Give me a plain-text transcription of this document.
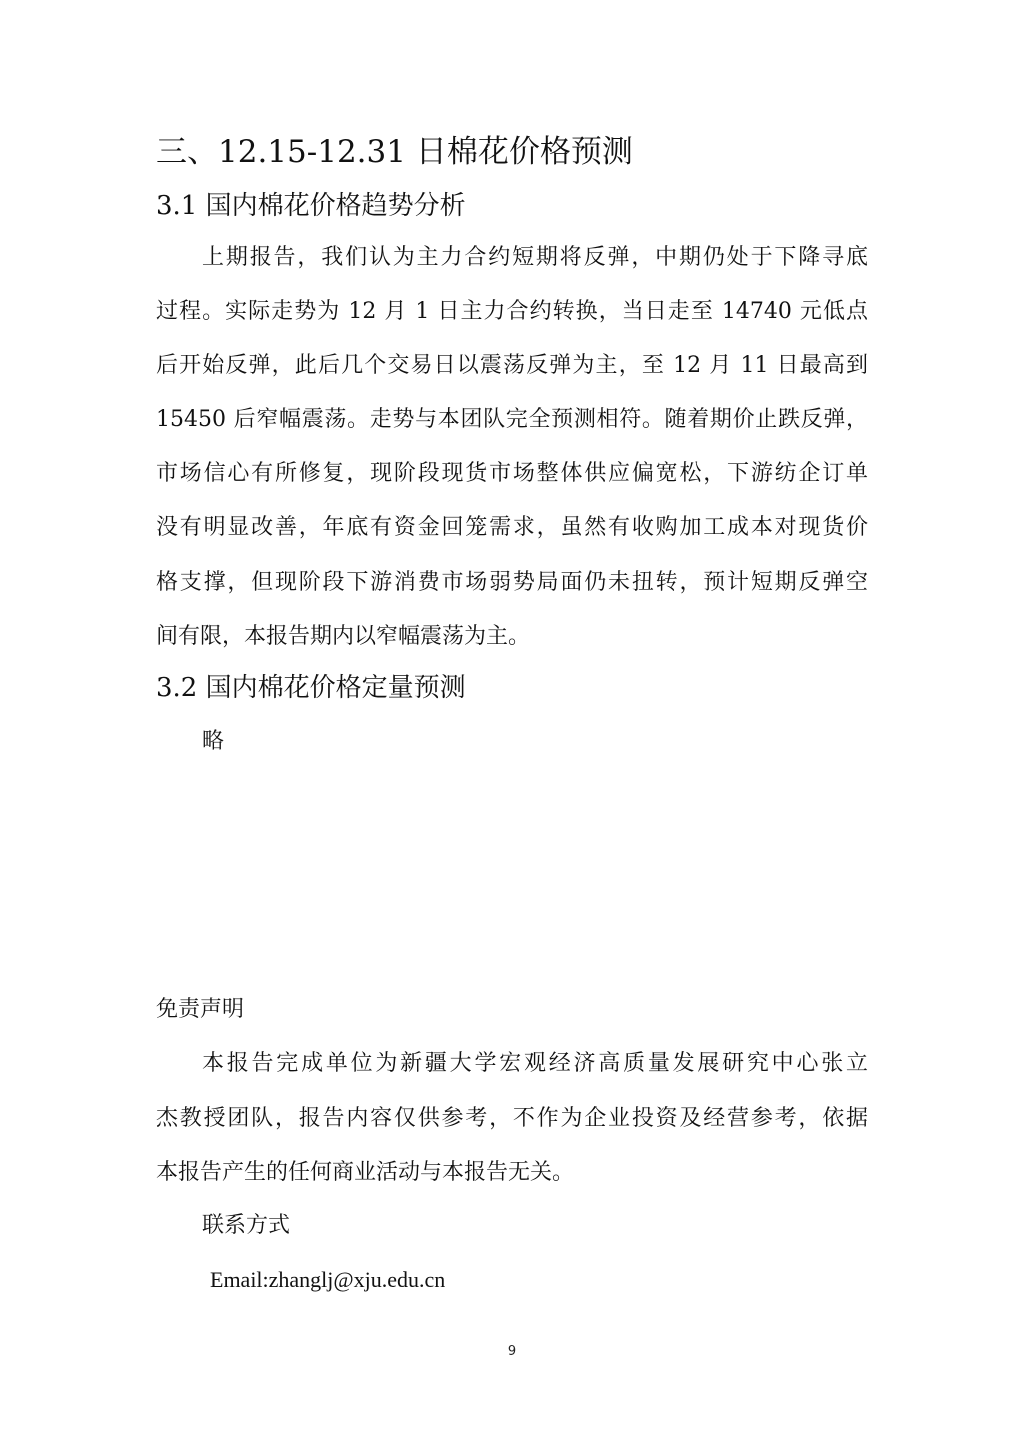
三、12.15-12.31 日棉花价格预测
3.1 国内棉花价格趋势分析
上期报告，我们认为主力合约短期将反弹，中期仍处于下降寻底
过程。实际走势为 12 月 1 日主力合约转换，当日走至 14740 元低点
后开始反弹，此后几个交易日以震荡反弹为主，至 12 月 11 日最高到
15450 后窄幅震荡。走势与本团队完全预测相符。随着期价止跌反弹，
市场信心有所修复，现阶段现货市场整体供应偏宽松，下游纺企订单
没有明显改善，年底有资金回笼需求，虽然有收购加工成本对现货价
格支撑，但现阶段下游消费市场弱势局面仍未扭转，预计短期反弹空
间有限，本报告期内以窄幅震荡为主。
3.2 国内棉花价格定量预测
略
免责声明
本报告完成单位为新疆大学宏观经济高质量发展研究中心张立
杰教授团队，报告内容仅供参考，不作为企业投资及经营参考，依据
本报告产生的任何商业活动与本报告无关。
联系方式
Email:zhanglj@xju.edu.cn
9
